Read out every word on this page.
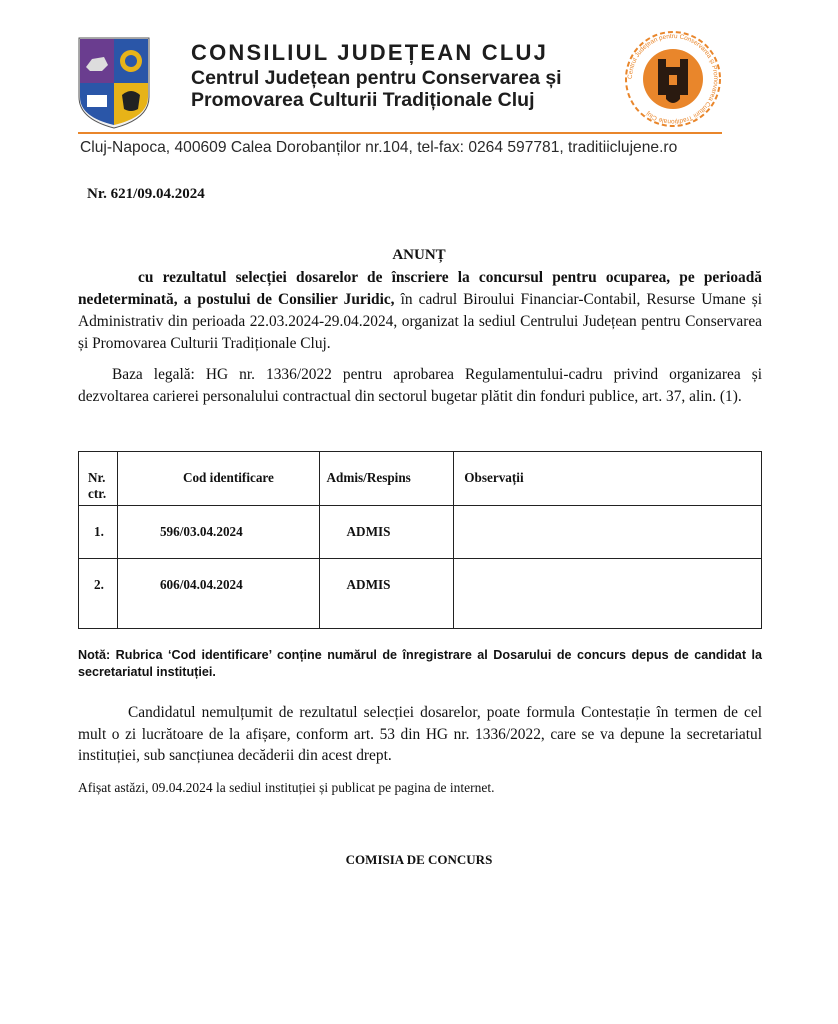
CONSILIUL JUDEȚEAN CLUJ
Centrul Județean pentru Conservarea și
Promovarea Culturii Tradiționale Cluj
Centrul Județean pentru Conservarea și Promovarea Culturii Tradiționale Cluj
Cluj-Napoca, 400609 Calea Dorobanților nr.104, tel-fax: 0264 597781, traditiiclujene.ro
Nr. 621/09.04.2024
ANUNȚ
cu rezultatul selecției dosarelor de înscriere la concursul pentru ocuparea, pe perioadă nedeterminată, a postului de Consilier Juridic, în cadrul Biroului Financiar-Contabil, Resurse Umane și Administrativ din perioada 22.03.2024-29.04.2024, organizat la sediul Centrului Județean pentru Conservarea și Promovarea Culturii Tradiționale Cluj.
Baza legală: HG nr. 1336/2022 pentru aprobarea Regulamentului-cadru privind organizarea și dezvoltarea carierei personalului contractual din sectorul bugetar plătit din fonduri publice, art. 37, alin. (1).
Nr. ctr.	Cod identificare	Admis/Respins	Observații

1.	596/03.04.2024	ADMIS	

2.	606/04.04.2024	ADMIS	

Notă: Rubrica ‘Cod identificare’ conține numărul de înregistrare al Dosarului de concurs depus de candidat la secretariatul instituției.
Candidatul nemulțumit de rezultatul selecției dosarelor, poate formula Contestație în termen de cel mult o zi lucrătoare de la afișare, conform art. 53 din HG nr. 1336/2022, care se va depune la secretariatul instituției, sub sancțiunea decăderii din acest drept.
Afișat astăzi, 09.04.2024 la sediul instituției și publicat pe pagina de internet.
COMISIA DE CONCURS
